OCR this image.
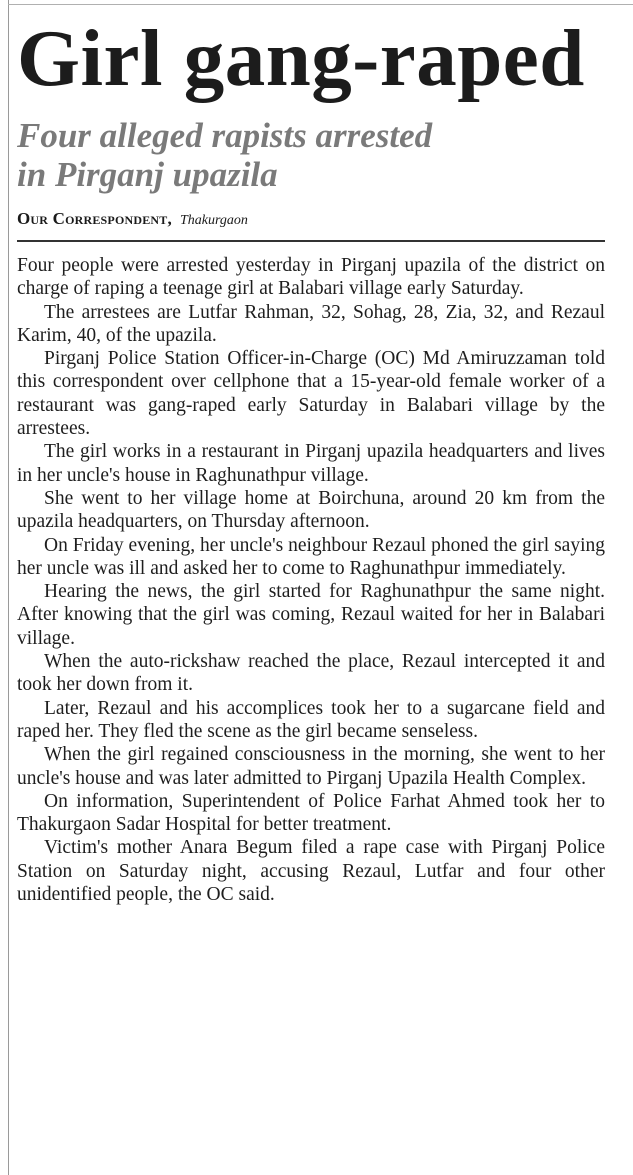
Girl gang-raped
Four alleged rapists arrested
in Pirganj upazila
Our Correspondent, Thakurgaon

Four people were arrested yesterday in Pirganj upazila of the district on charge of raping a teenage girl at Balabari village early Saturday.

The arrestees are Lutfar Rahman, 32, Sohag, 28, Zia, 32, and Rezaul Karim, 40, of the upazila.

Pirganj Police Station Officer-in-Charge (OC) Md Amiruzzaman told this correspondent over cellphone that a 15-year-old female worker of a restaurant was gang-raped early Saturday in Balabari village by the arrestees.

The girl works in a restaurant in Pirganj upazila headquarters and lives in her uncle's house in Raghunathpur village.

She went to her village home at Boirchuna, around 20 km from the upazila headquarters, on Thursday afternoon.

On Friday evening, her uncle's neighbour Rezaul phoned the girl saying her uncle was ill and asked her to come to Raghunathpur immediately.

Hearing the news, the girl started for Raghunathpur the same night. After knowing that the girl was coming, Rezaul waited for her in Balabari village.

When the auto-rickshaw reached the place, Rezaul intercepted it and took her down from it.

Later, Rezaul and his accomplices took her to a sugarcane field and raped her. They fled the scene as the girl became senseless.

When the girl regained consciousness in the morning, she went to her uncle's house and was later admitted to Pirganj Upazila Health Complex.

On information, Superintendent of Police Farhat Ahmed took her to Thakurgaon Sadar Hospital for better treatment.

Victim's mother Anara Begum filed a rape case with Pirganj Police Station on Saturday night, accusing Rezaul, Lutfar and four other unidentified people, the OC said.
